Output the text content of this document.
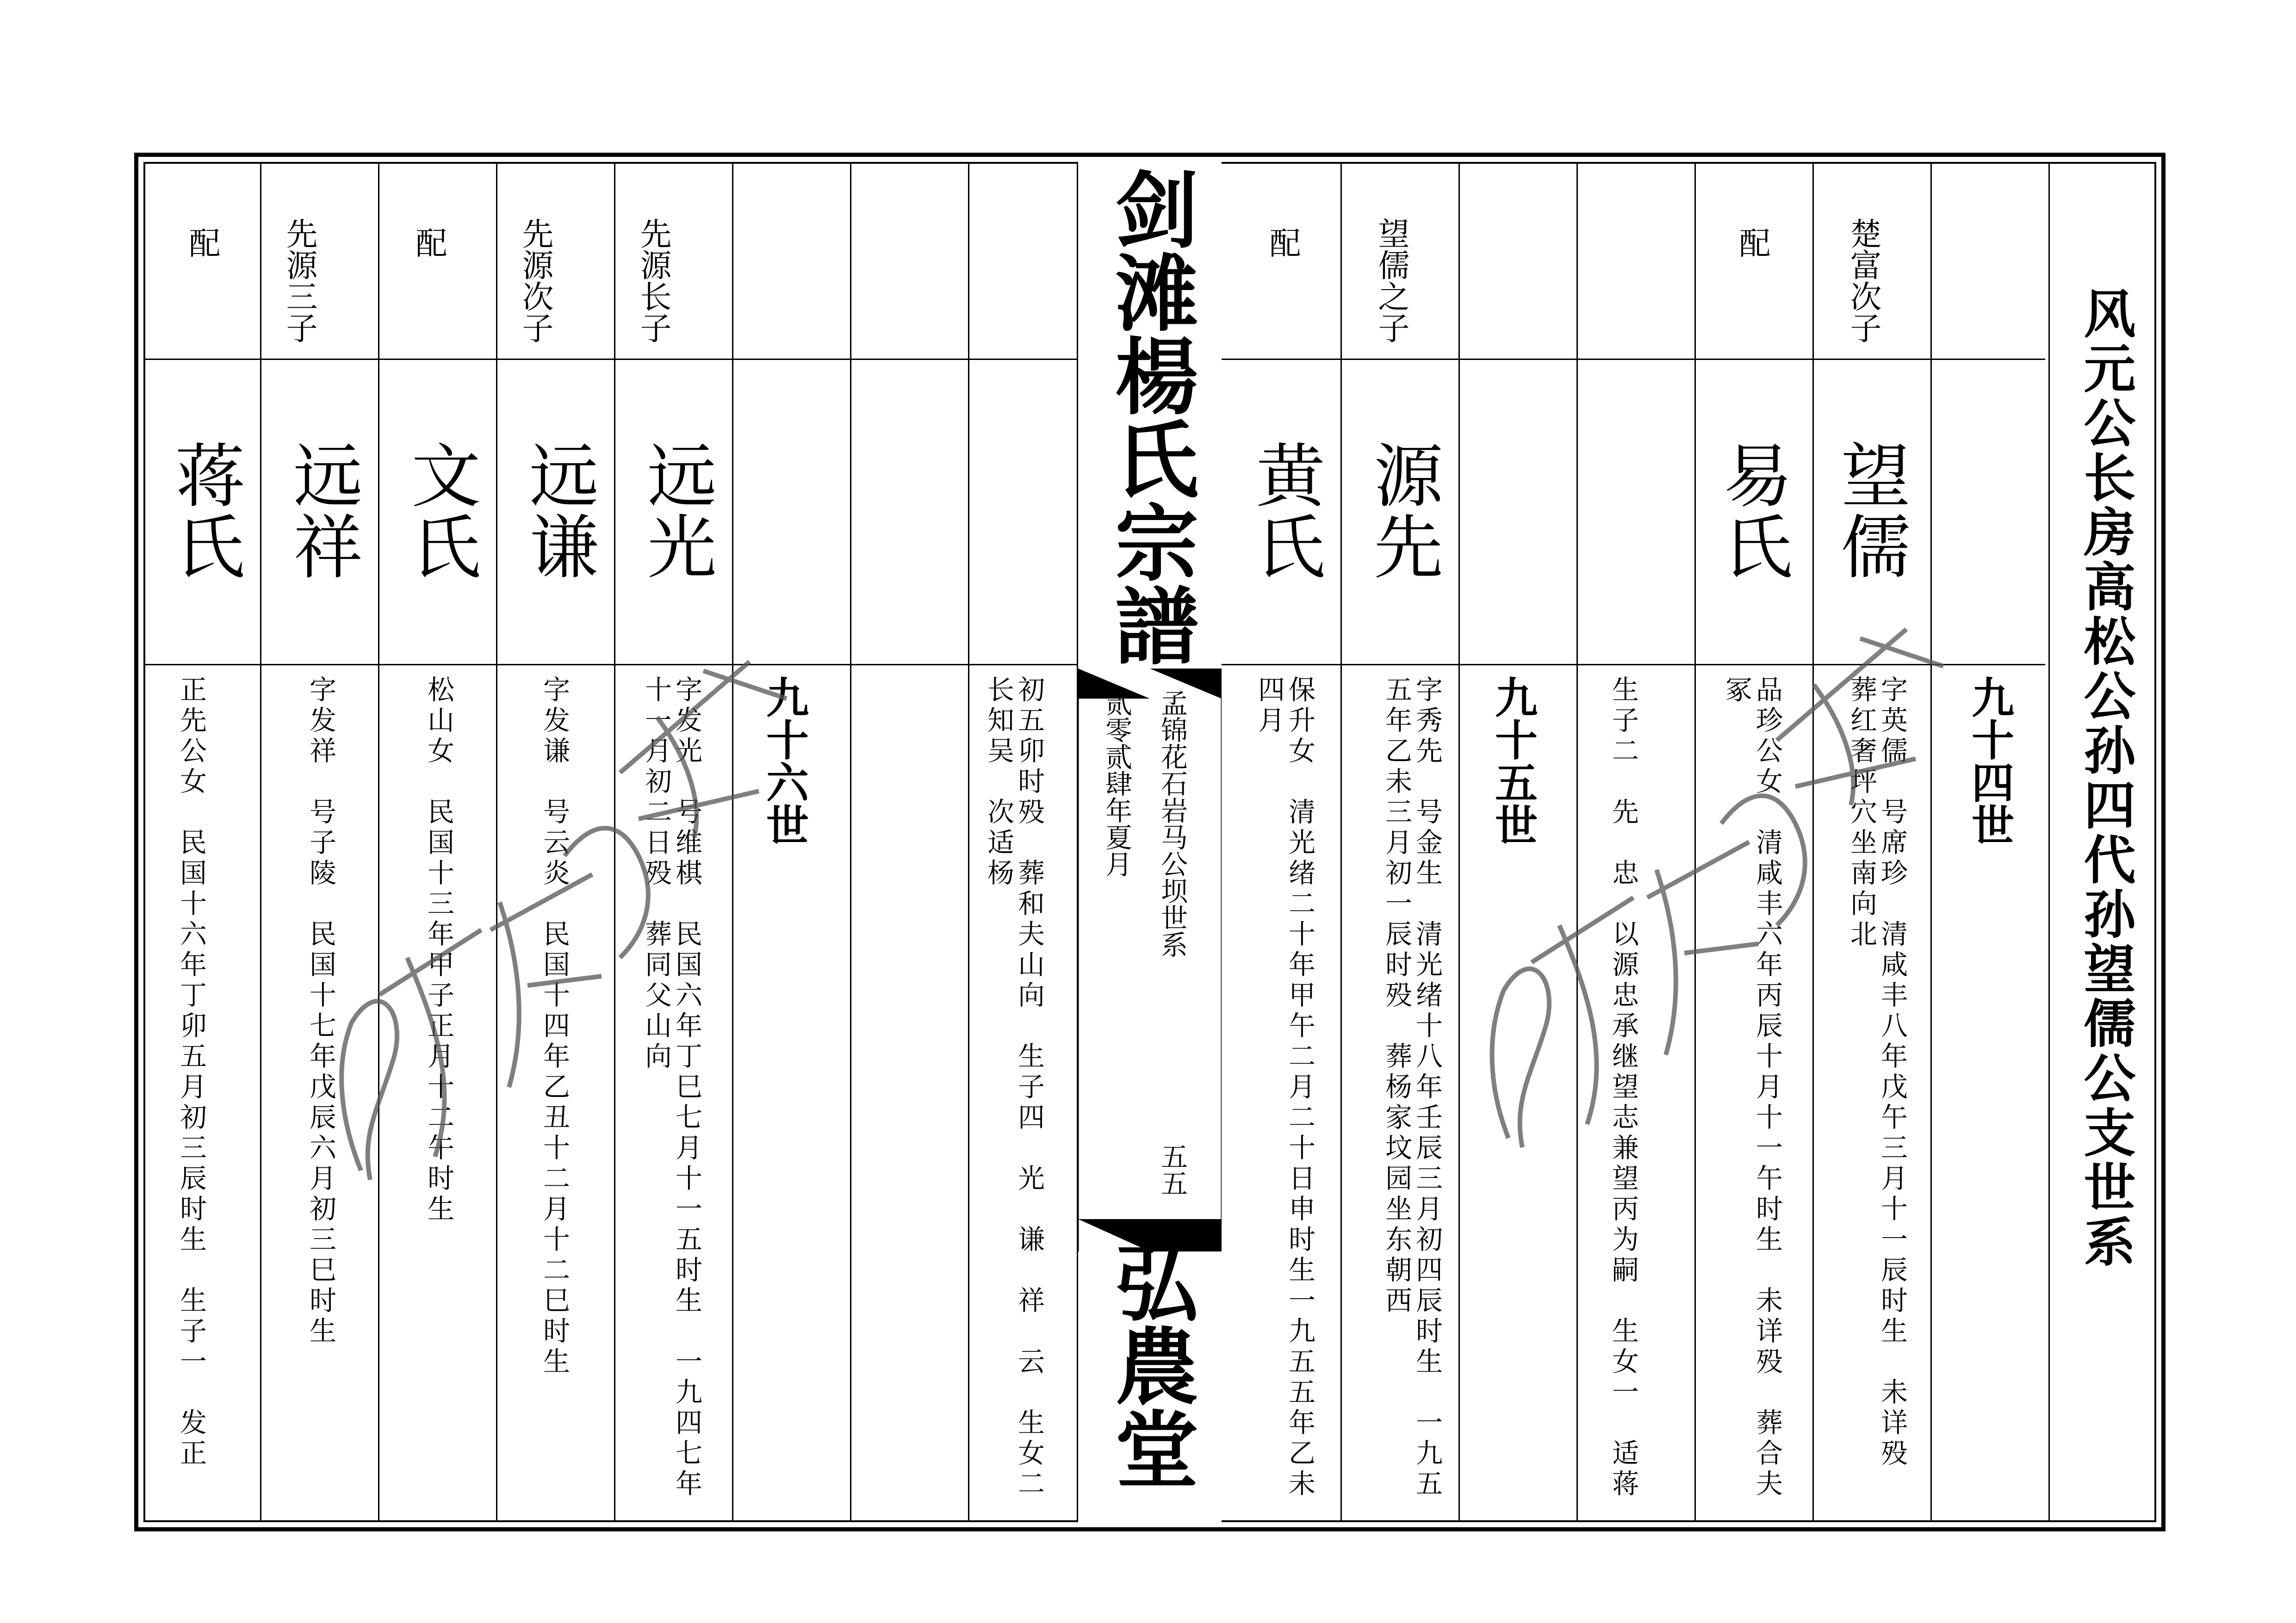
风元公长房高松公孙四代孙望儒公支世系
九十四世
楚富次子
望儒
字英儒　号席珍　清咸丰八年戊午三月十一辰时生　未详殁　葬红奢坪穴坐南向北
配
易氏
品珍公女　清咸丰六年丙辰十月十一午时生　未详殁　葬合夫冢
生子二　先　忠　以源忠承继望志兼望丙为嗣　生女一　适蒋
九十五世
望儒之子
源先
字秀先　号金生　清光绪十八年壬辰三月初四辰时生　一九五五年乙未三月初一辰时殁　葬杨家坟园坐东朝西
配
黄氏
保升女　清光绪二十年甲午二月二十日申时生一九五五年乙未四月
剑滩楊氏宗譜
孟锦花石岩马公坝世系
五五
贰零贰肆年夏月
弘農堂
初五卯时殁　葬和夫山向　生子四　光　谦　祥　云　生女二　长知吴　次适杨
九十六世
先源长子
远光
字发光　号维棋　民国六年丁巳七月十一五时生　一九四七年十一月初二日殁　葬同父山向
先源次子
远谦
字发谦　号云炎　民国十四年乙丑十二月十二巳时生
配
文氏
松山女　民国十三年甲子正月十二午时生
先源三子
远祥
字发祥　号子陵　民国十七年戊辰六月初三巳时生
配
蒋氏
正先公女　民国十六年丁卯五月初三辰时生　生子一　发正
